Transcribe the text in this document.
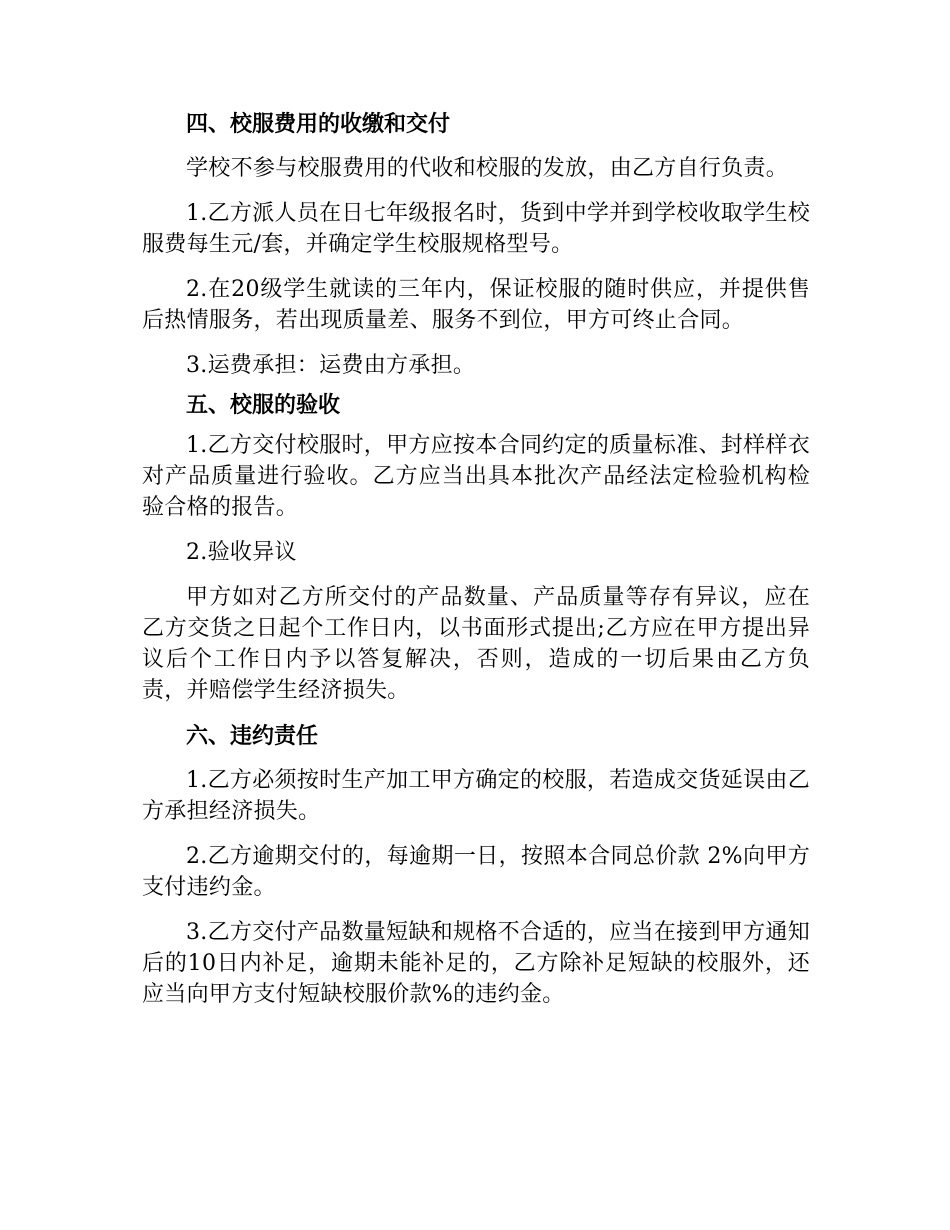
四、校服费用的收缴和交付

学校不参与校服费用的代收和校服的发放，由乙方自行负责。

1.乙方派人员在日七年级报名时，货到中学并到学校收取学生校服费每生元/套，并确定学生校服规格型号。

2.在20级学生就读的三年内，保证校服的随时供应，并提供售后热情服务，若出现质量差、服务不到位，甲方可终止合同。

3.运费承担：运费由方承担。

五、校服的验收

1.乙方交付校服时，甲方应按本合同约定的质量标准、封样样衣对产品质量进行验收。乙方应当出具本批次产品经法定检验机构检验合格的报告。

2.验收异议

甲方如对乙方所交付的产品数量、产品质量等存有异议，应在乙方交货之日起个工作日内，以书面形式提出;乙方应在甲方提出异议后个工作日内予以答复解决，否则，造成的一切后果由乙方负责，并赔偿学生经济损失。

六、违约责任

1.乙方必须按时生产加工甲方确定的校服，若造成交货延误由乙方承担经济损失。

2.乙方逾期交付的，每逾期一日，按照本合同总价款 2%向甲方支付违约金。

3.乙方交付产品数量短缺和规格不合适的，应当在接到甲方通知后的10日内补足，逾期未能补足的，乙方除补足短缺的校服外，还应当向甲方支付短缺校服价款%的违约金。
